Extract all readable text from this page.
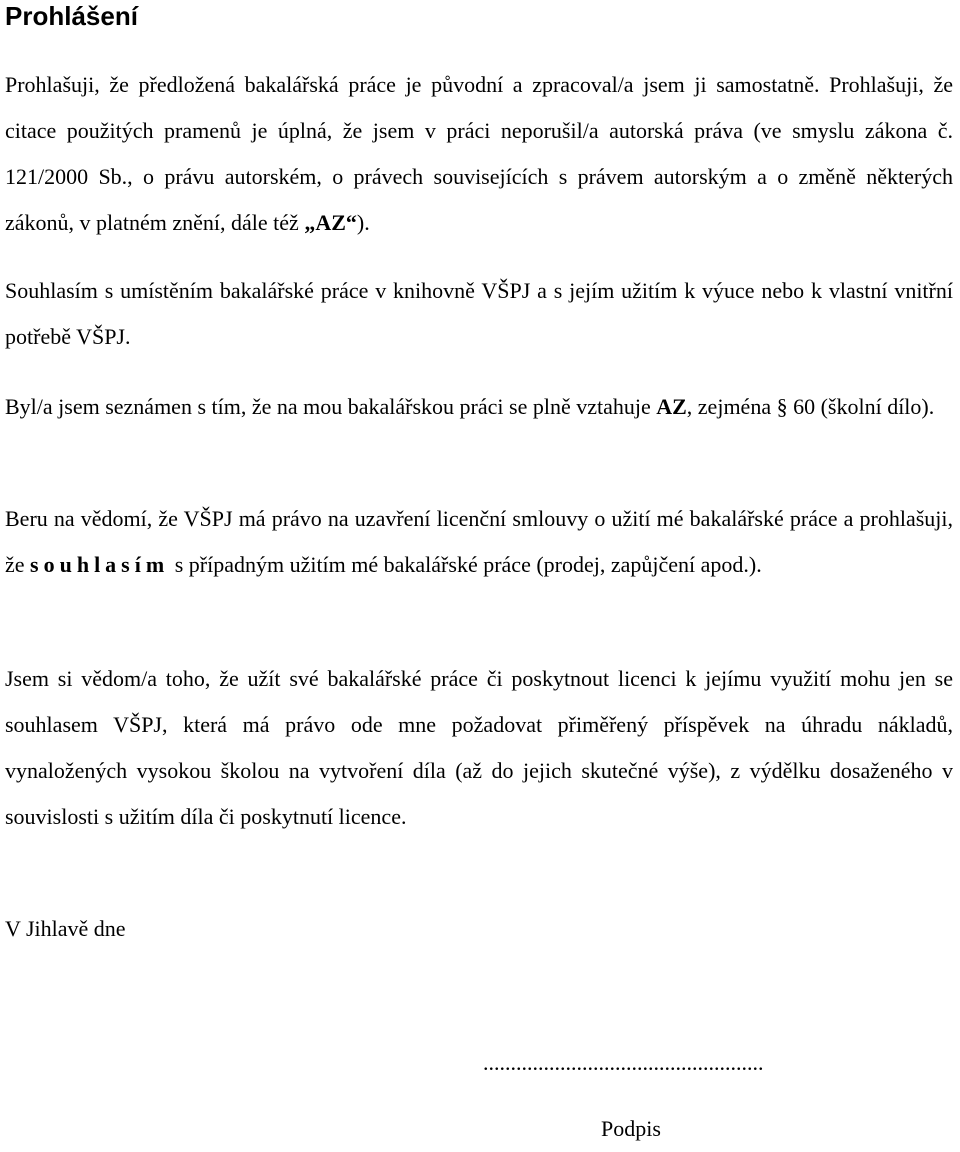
Prohlášení
Prohlašuji, že předložená bakalářská práce je původní a zpracoval/a jsem ji samostatně. Prohlašuji, že citace použitých pramenů je úplná, že jsem v práci neporušil/a autorská práva (ve smyslu zákona č. 121/2000 Sb., o právu autorském, o právech souvisejících s právem autorským a o změně některých zákonů, v platném znění, dále též „AZ“).
Souhlasím s umístěním bakalářské práce v knihovně VŠPJ a s jejím užitím k výuce nebo k vlastní vnitřní potřebě VŠPJ.
Byl/a jsem seznámen s tím, že na mou bakalářskou práci se plně vztahuje AZ, zejména § 60 (školní dílo).
Beru na vědomí, že VŠPJ má právo na uzavření licenční smlouvy o užití mé bakalářské práce a prohlašuji, že souhlasím s případným užitím mé bakalářské práce (prodej, zapůjčení apod.).
Jsem si vědom/a toho, že užít své bakalářské práce či poskytnout licenci k jejímu využití mohu jen se souhlasem VŠPJ, která má právo ode mne požadovat přiměřený příspěvek na úhradu nákladů, vynaložených vysokou školou na vytvoření díla (až do jejich skutečné výše), z výdělku dosaženého v souvislosti s užitím díla či poskytnutí licence.
V Jihlavě dne
...................................................
Podpis
